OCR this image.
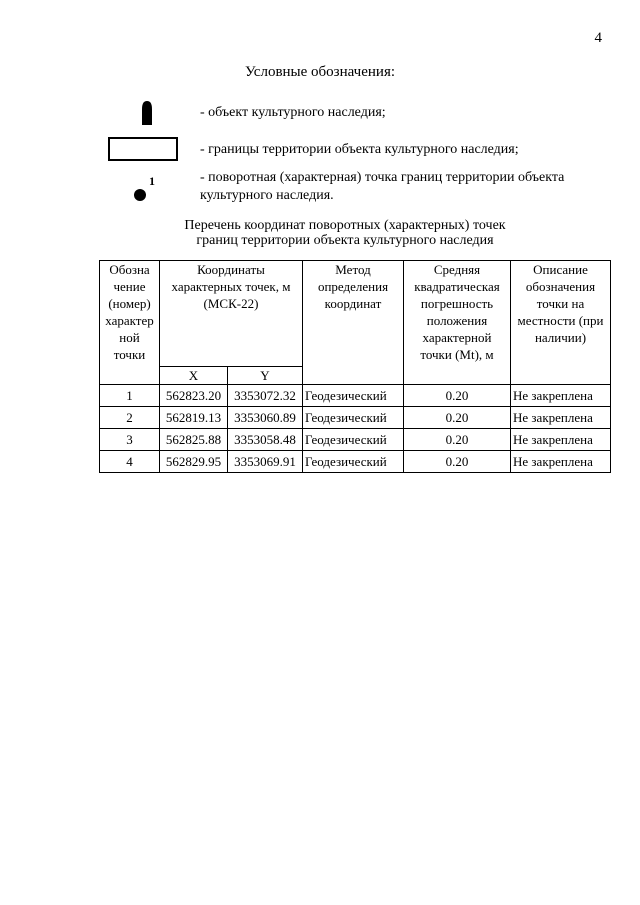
4
Условные обозначения:
- объект культурного наследия;
- границы территории объекта культурного наследия;
1	- поворотная (характерная) точка границ территории объекта культурного наследия.
Перечень координат поворотных (характерных) точек
границ территории объекта культурного наследия
Обозна чение (номер) характер ной точки	Координаты характерных точек, м (МСК-22)		Метод определения координат	Средняя квадратическая погрешность положения характерной точки (Mt), м	Описание обозначения точки на местности (при наличии)
	X	Y			
1	562823.20	3353072.32	Геодезический	0.20	Не закреплена
2	562819.13	3353060.89	Геодезический	0.20	Не закреплена
3	562825.88	3353058.48	Геодезический	0.20	Не закреплена
4	562829.95	3353069.91	Геодезический	0.20	Не закреплена
